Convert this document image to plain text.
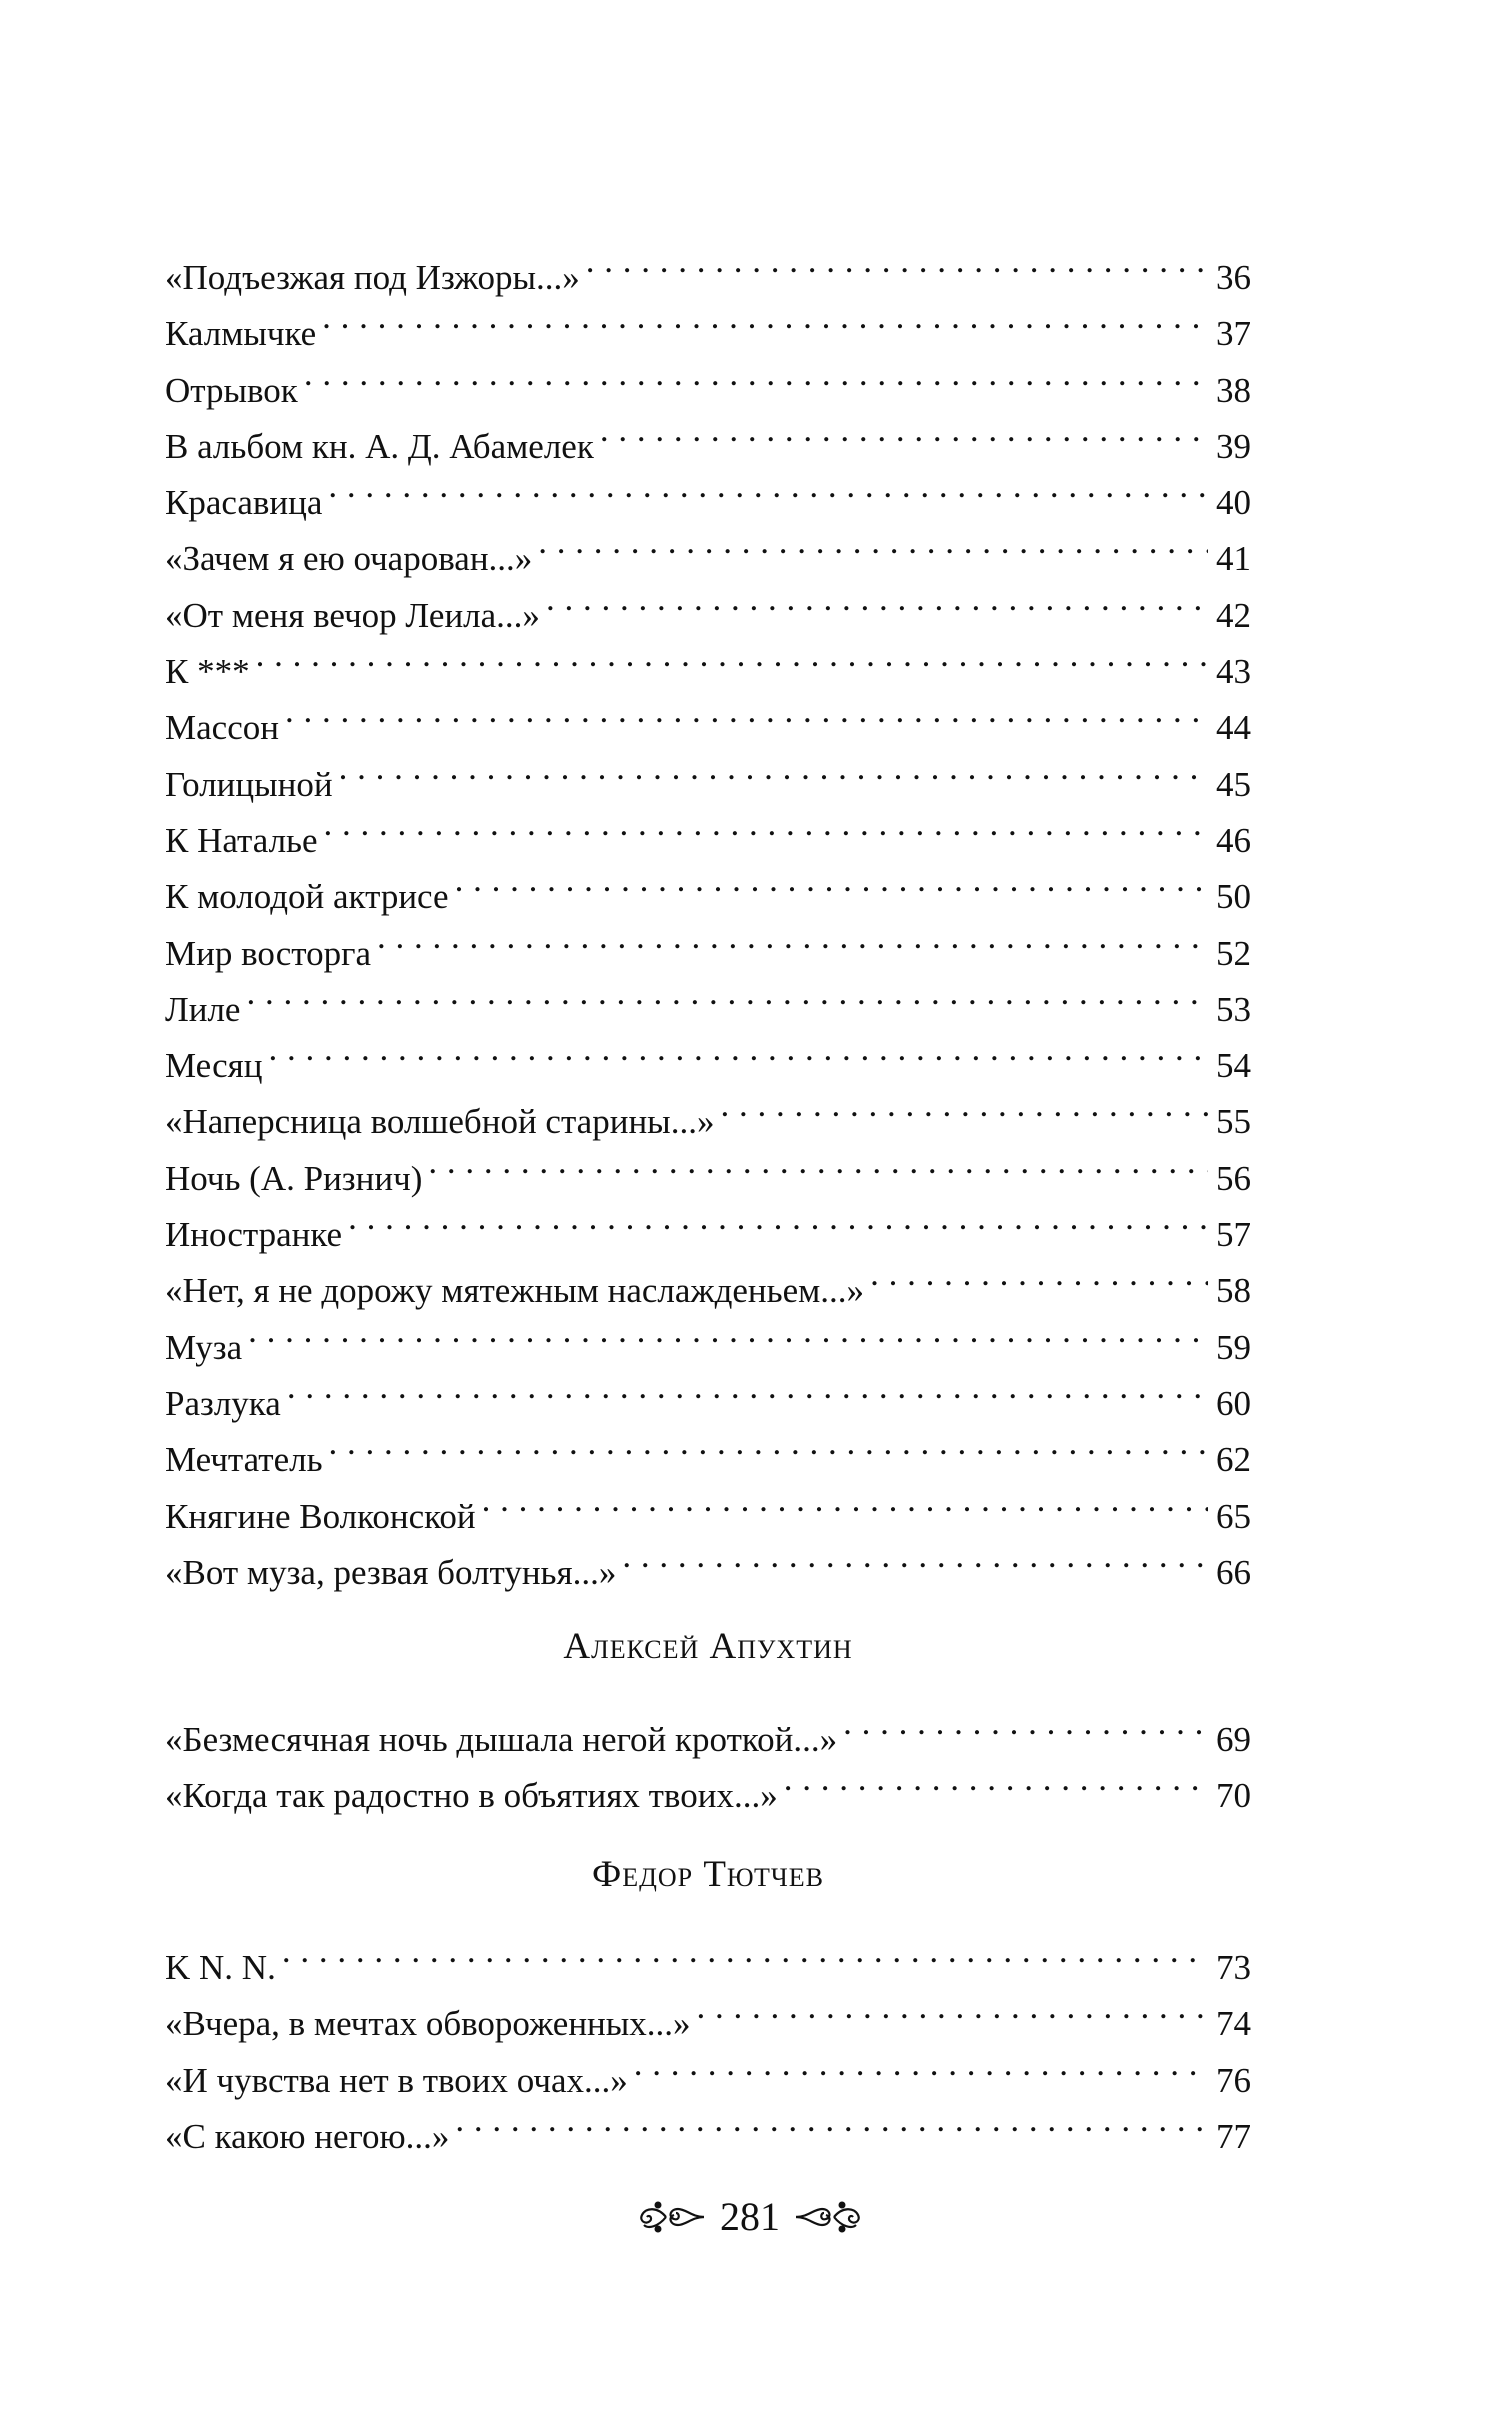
«Подъезжая под Изжоры...» . . .	36
Калмычке . . .	37
Отрывок . . .	38
В альбом кн. А. Д. Абамелек . . .	39
Красавица . . .	40
«Зачем я ею очарован...» . . .	41
«От меня вечор Леила...» . . .	42
К *** . . .	43
Массон . . .	44
Голицыной . . .	45
К Наталье . . .	46
К молодой актрисе . . .	50
Мир восторга . . .	52
Лиле . . .	53
Месяц . . .	54
«Наперсница волшебной старины...» . . .	55
Ночь (А. Ризнич) . . .	56
Иностранке . . .	57
«Нет, я не дорожу мятежным наслажденьем...» . . .	58
Муза . . .	59
Разлука . . .	60
Мечтатель . . .	62
Княгине Волконской . . .	65
«Вот муза, резвая болтунья...» . . .	66
Алексей Апухтин
«Безмесячная ночь дышала негой кроткой...» . . .	69
«Когда так радостно в объятиях твоих...» . . .	70
Федор Тютчев
K N. N. . . .	73
«Вчера, в мечтах обвороженных...» . . .	74
«И чувства нет в твоих очах...» . . .	76
«С какою негою...» . . .	77
281
